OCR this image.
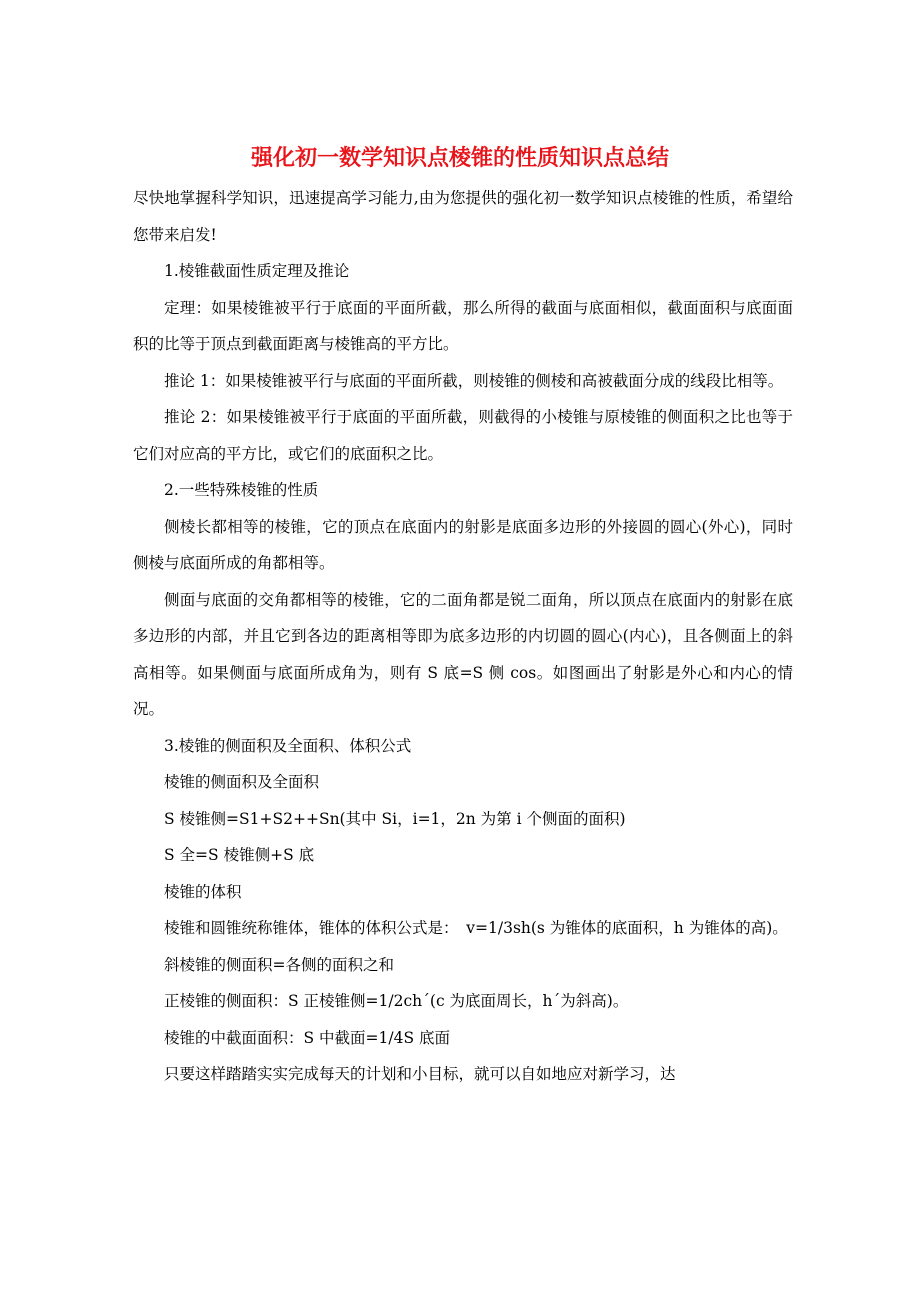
强化初一数学知识点棱锥的性质知识点总结

尽快地掌握科学知识，迅速提高学习能力,由为您提供的强化初一数学知识点棱锥的性质，希望给您带来启发!

1.棱锥截面性质定理及推论

定理：如果棱锥被平行于底面的平面所截，那么所得的截面与底面相似，截面面积与底面面积的比等于顶点到截面距离与棱锥高的平方比。

推论 1：如果棱锥被平行与底面的平面所截，则棱锥的侧棱和高被截面分成的线段比相等。

推论 2：如果棱锥被平行于底面的平面所截，则截得的小棱锥与原棱锥的侧面积之比也等于它们对应高的平方比，或它们的底面积之比。

2.一些特殊棱锥的性质

侧棱长都相等的棱锥，它的顶点在底面内的射影是底面多边形的外接圆的圆心(外心)，同时侧棱与底面所成的角都相等。

侧面与底面的交角都相等的棱锥，它的二面角都是锐二面角，所以顶点在底面内的射影在底多边形的内部，并且它到各边的距离相等即为底多边形的内切圆的圆心(内心)，且各侧面上的斜高相等。如果侧面与底面所成角为，则有 S 底=S 侧 cos。如图画出了射影是外心和内心的情况。

3.棱锥的侧面积及全面积、体积公式

棱锥的侧面积及全面积

S 棱锥侧=S1+S2++Sn(其中 Si，i=1，2n 为第 i 个侧面的面积)

S 全=S 棱锥侧+S 底

棱锥的体积

棱锥和圆锥统称锥体，锥体的体积公式是：　v=1/3sh(s 为锥体的底面积，h 为锥体的高)。

斜棱锥的侧面积=各侧的面积之和

正棱锥的侧面积：S 正棱锥侧=1/2chˊ(c 为底面周长，hˊ为斜高)。

棱锥的中截面面积：S 中截面=1/4S 底面

只要这样踏踏实实完成每天的计划和小目标，就可以自如地应对新学习，达
